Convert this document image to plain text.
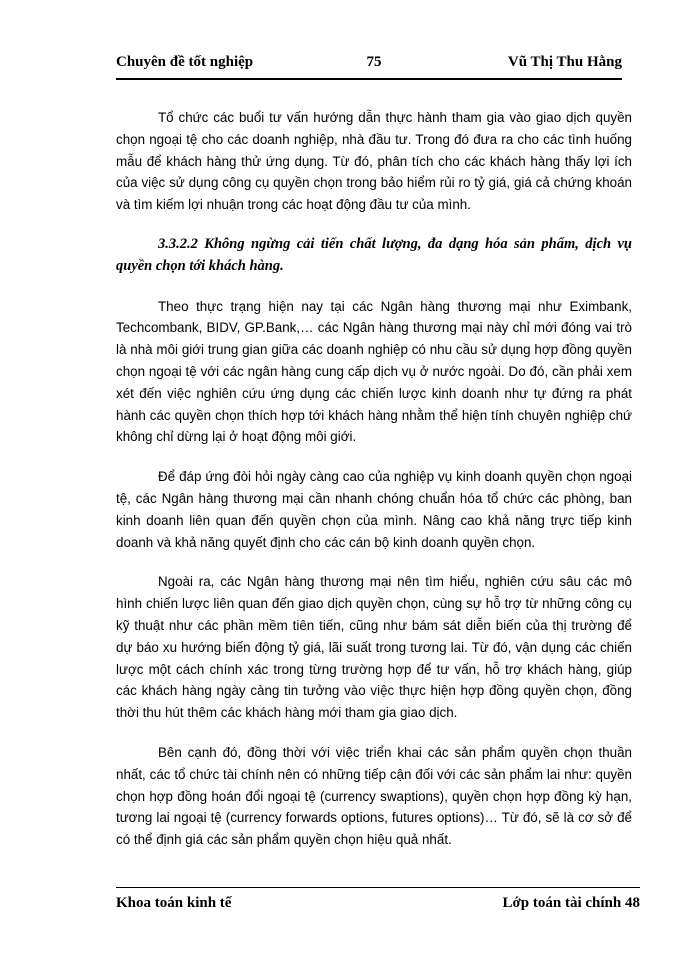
Chuyên đề tốt nghiệp	75	Vũ Thị Thu Hằng

Tổ chức các buổi tư vấn hướng dẫn thực hành tham gia vào giao dịch quyền chọn ngoại tệ cho các doanh nghiệp, nhà đầu tư. Trong đó đưa ra cho các tình huống mẫu để khách hàng thử ứng dụng. Từ đó, phân tích cho các khách hàng thấy lợi ích của việc sử dụng công cụ quyền chọn trong bảo hiểm rủi ro tỷ giá, giá cả chứng khoán và tìm kiếm lợi nhuận trong các hoạt động đầu tư của mình.

3.3.2.2 Không ngừng cải tiến chất lượng, đa dạng hóa sản phẩm, dịch vụ quyền chọn tới khách hàng.

Theo thực trạng hiện nay tại các Ngân hàng thương mại như Eximbank, Techcombank, BIDV, GP.Bank,… các Ngân hàng thương mại này chỉ mới đóng vai trò là nhà môi giới trung gian giữa các doanh nghiệp có nhu cầu sử dụng hợp đồng quyền chọn ngoại tệ với các ngân hàng cung cấp dịch vụ ở nước ngoài. Do đó, cần phải xem xét đến việc nghiên cứu ứng dụng các chiến lược kinh doanh như tự đứng ra phát hành các quyền chọn thích hợp tới khách hàng nhằm thể hiện tính chuyên nghiệp chứ không chỉ dừng lại ở hoạt động môi giới.

Để đáp ứng đòi hỏi ngày càng cao của nghiệp vụ kinh doanh quyền chọn ngoại tệ, các Ngân hàng thương mại cần nhanh chóng chuẩn hóa tổ chức các phòng, ban kinh doanh liên quan đến quyền chọn của mình. Nâng cao khả năng trực tiếp kinh doanh và khả năng quyết định cho các cán bộ kinh doanh quyền chọn.

Ngoài ra, các Ngân hàng thương mại nên tìm hiểu, nghiên cứu sâu các mô hình chiến lược liên quan đến giao dịch quyền chọn, cùng sự hỗ trợ từ những công cụ kỹ thuật như các phần mềm tiên tiến, cũng như bám sát diễn biến của thị trường để dự báo xu hướng biến động tỷ giá, lãi suất trong tương lai. Từ đó, vận dụng các chiến lược một cách chính xác trong từng trường hợp để tư vấn, hỗ trợ khách hàng, giúp các khách hàng ngày càng tin tưởng vào việc thực hiện hợp đồng quyền chọn, đồng thời thu hút thêm các khách hàng mới tham gia giao dịch.

Bên cạnh đó, đồng thời với việc triển khai các sản phẩm quyền chọn thuần nhất, các tổ chức tài chính nên có những tiếp cận đối với các sản phẩm lai như: quyền chọn hợp đồng hoán đổi ngoại tệ (currency swaptions), quyền chọn hợp đồng kỳ hạn, tương lai ngoại tệ (currency forwards options, futures options)… Từ đó, sẽ là cơ sở để có thể định giá các sản phẩm quyền chọn hiệu quả nhất.

Khoa toán kinh tế	Lớp toán tài chính 48
